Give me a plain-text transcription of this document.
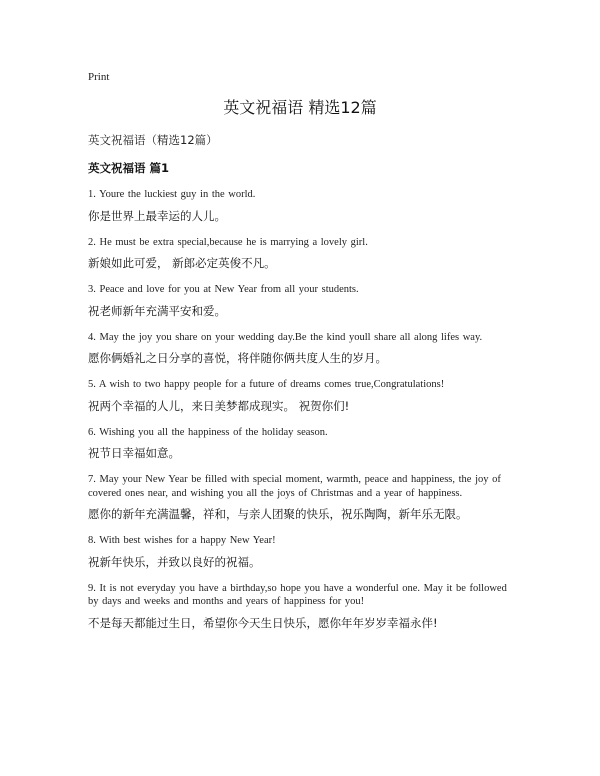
Print
英文祝福语 精选12篇
英文祝福语（精选12篇）
英文祝福语 篇1

1. Youre the luckiest guy in the world.

你是世界上最幸运的人儿。

2. He must be extra special,because he is marrying a lovely girl.

新娘如此可爱， 新郎必定英俊不凡。

3. Peace and love for you at New Year from all your students.

祝老师新年充满平安和爱。

4. May the joy you share on your wedding day.Be the kind youll share all along lifes way.

愿你俩婚礼之日分享的喜悦，将伴随你俩共度人生的岁月。

5. A wish to two happy people for a future of dreams comes true,Congratulations!

祝两个幸福的人儿，来日美梦都成现实。 祝贺你们!

6. Wishing you all the happiness of the holiday season.

祝节日幸福如意。

7. May your New Year be filled with special moment, warmth, peace and happiness, the joy of covered ones near, and wishing you all the joys of Christmas and a year of happiness.

愿你的新年充满温馨，祥和，与亲人团聚的快乐，祝乐陶陶，新年乐无限。

8. With best wishes for a happy New Year!

祝新年快乐，并致以良好的祝福。

9. It is not everyday you have a birthday,so hope you have a wonderful one. May it be followed by days and weeks and months and years of happiness for you!

不是每天都能过生日，希望你今天生日快乐，愿你年年岁岁幸福永伴!
